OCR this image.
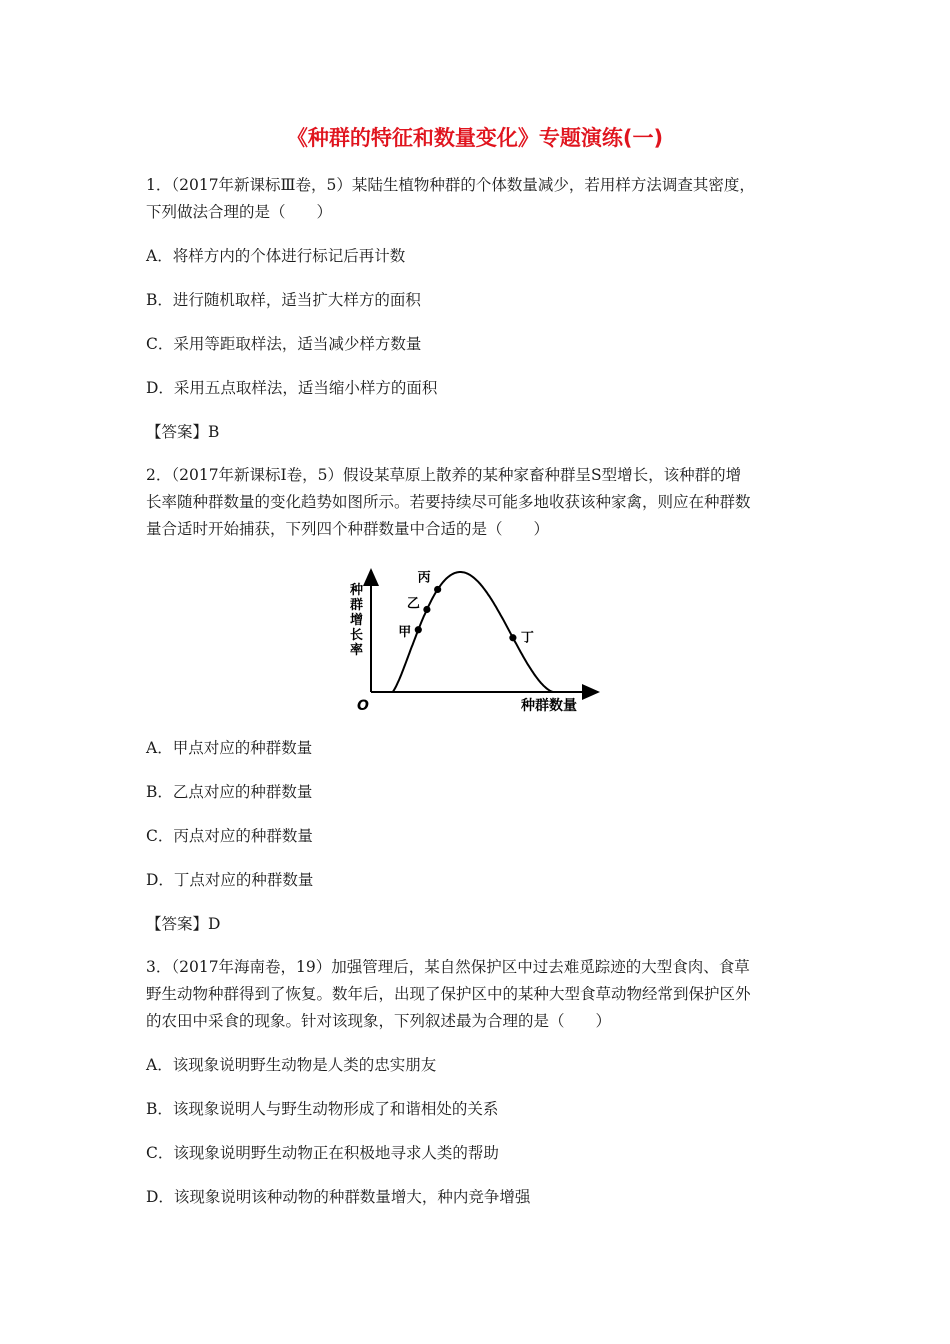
《种群的特征和数量变化》专题演练(一)
1．（2017年新课标Ⅲ卷，5）某陆生植物种群的个体数量减少，若用样方法调查其密度，
下列做法合理的是（　　）
A．将样方内的个体进行标记后再计数
B．进行随机取样，适当扩大样方的面积
C．采用等距取样法，适当减少样方数量
D．采用五点取样法，适当缩小样方的面积
【答案】B
2．（2017年新课标Ⅰ卷，5）假设某草原上散养的某种家畜种群呈S型增长，该种群的增
长率随种群数量的变化趋势如图所示。若要持续尽可能多地收获该种家禽，则应在种群数
量合适时开始捕获，下列四个种群数量中合适的是（　　）
甲
乙
丙
丁
种群增长率
种群数量
O
A．甲点对应的种群数量
B．乙点对应的种群数量
C．丙点对应的种群数量
D．丁点对应的种群数量
【答案】D
3．（2017年海南卷，19）加强管理后，某自然保护区中过去难觅踪迹的大型食肉、食草
野生动物种群得到了恢复。数年后，出现了保护区中的某种大型食草动物经常到保护区外
的农田中采食的现象。针对该现象，下列叙述最为合理的是（　　）
A．该现象说明野生动物是人类的忠实朋友
B．该现象说明人与野生动物形成了和谐相处的关系
C．该现象说明野生动物正在积极地寻求人类的帮助
D．该现象说明该种动物的种群数量增大，种内竞争增强
